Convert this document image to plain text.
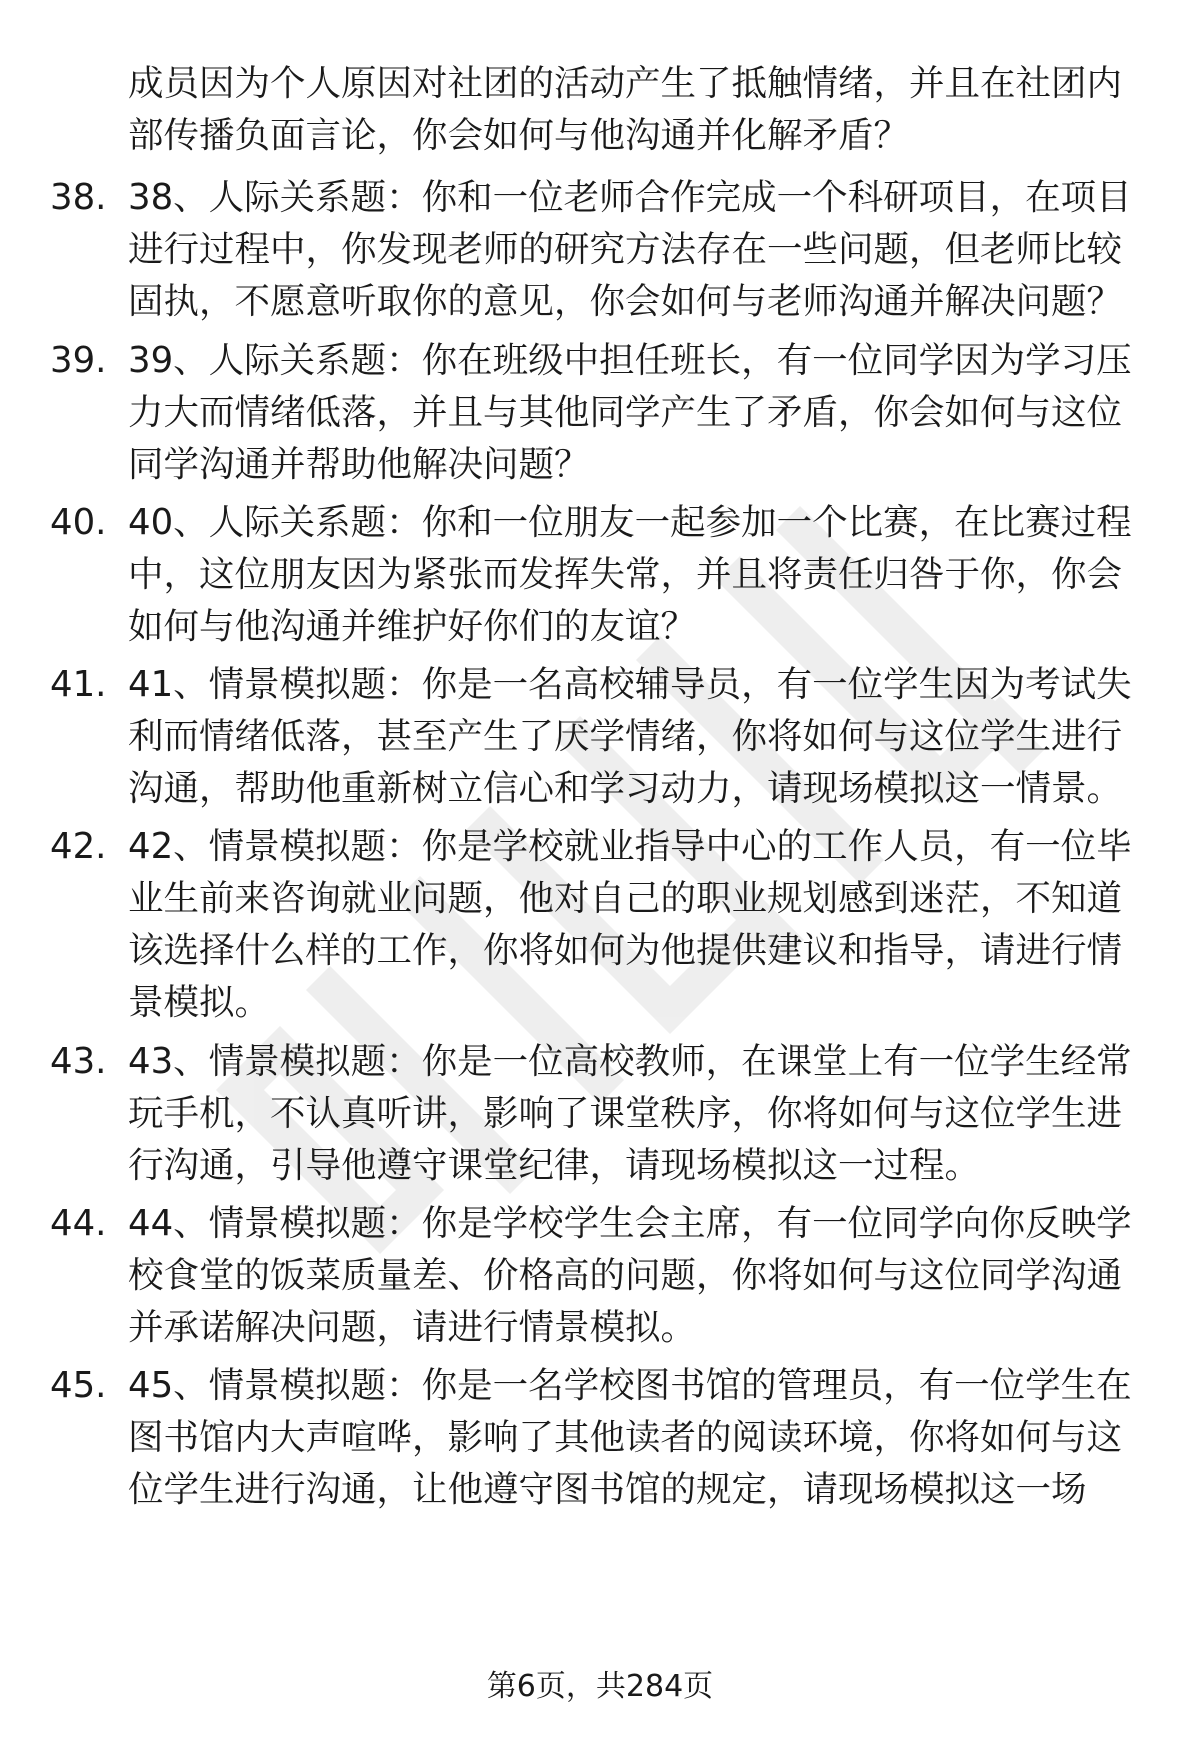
成员因为个人原因对社团的活动产生了抵触情绪，并且在社团内部传播负面言论，你会如何与他沟通并化解矛盾？

38. 38、人际关系题：你和一位老师合作完成一个科研项目，在项目进行过程中，你发现老师的研究方法存在一些问题，但老师比较固执，不愿意听取你的意见，你会如何与老师沟通并解决问题？

39. 39、人际关系题：你在班级中担任班长，有一位同学因为学习压力大而情绪低落，并且与其他同学产生了矛盾，你会如何与这位同学沟通并帮助他解决问题？

40. 40、人际关系题：你和一位朋友一起参加一个比赛，在比赛过程中，这位朋友因为紧张而发挥失常，并且将责任归咎于你，你会如何与他沟通并维护好你们的友谊？

41. 41、情景模拟题：你是一名高校辅导员，有一位学生因为考试失利而情绪低落，甚至产生了厌学情绪，你将如何与这位学生进行沟通，帮助他重新树立信心和学习动力，请现场模拟这一情景。

42. 42、情景模拟题：你是学校就业指导中心的工作人员，有一位毕业生前来咨询就业问题，他对自己的职业规划感到迷茫，不知道该选择什么样的工作，你将如何为他提供建议和指导，请进行情景模拟。

43. 43、情景模拟题：你是一位高校教师，在课堂上有一位学生经常玩手机，不认真听讲，影响了课堂秩序，你将如何与这位学生进行沟通，引导他遵守课堂纪律，请现场模拟这一过程。

44. 44、情景模拟题：你是学校学生会主席，有一位同学向你反映学校食堂的饭菜质量差、价格高的问题，你将如何与这位同学沟通并承诺解决问题，请进行情景模拟。

45. 45、情景模拟题：你是一名学校图书馆的管理员，有一位学生在图书馆内大声喧哗，影响了其他读者的阅读环境，你将如何与这位学生进行沟通，让他遵守图书馆的规定，请现场模拟这一场

第6页，共284页
